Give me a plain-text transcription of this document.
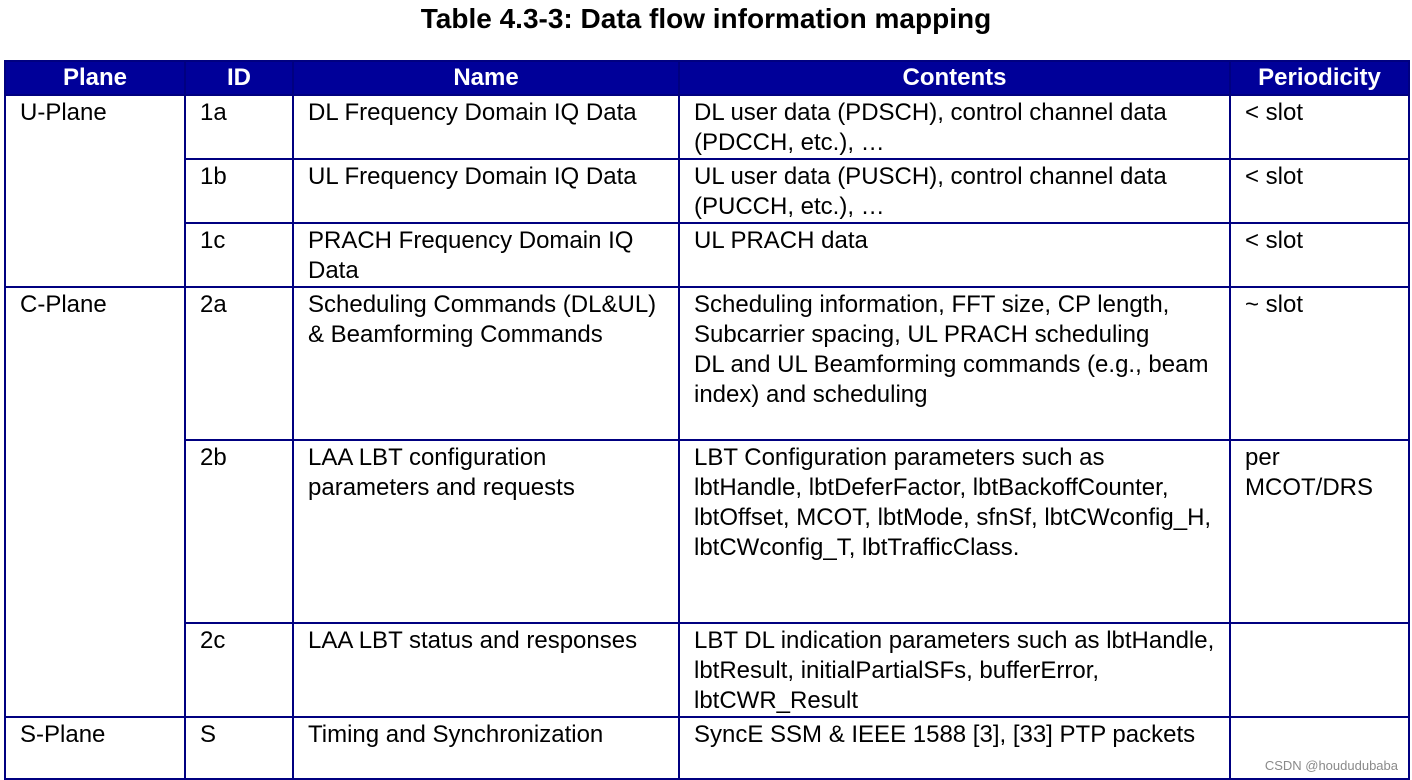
Table 4.3-3: Data flow information mapping
Plane	ID	Name	Contents	Periodicity
U-Plane	1a	DL Frequency Domain IQ Data	DL user data (PDSCH), control channel data (PDCCH, etc.), …	< slot
	1b	UL Frequency Domain IQ Data	UL user data (PUSCH), control channel data (PUCCH, etc.), …	< slot
	1c	PRACH Frequency Domain IQ Data	UL PRACH data	< slot
C-Plane	2a	Scheduling Commands (DL&UL) & Beamforming Commands	Scheduling information, FFT size, CP length, Subcarrier spacing, UL PRACH scheduling
DL and UL Beamforming commands (e.g., beam index) and scheduling	~ slot
	2b	LAA LBT configuration parameters and requests	LBT Configuration parameters such as lbtHandle, lbtDeferFactor, lbtBackoffCounter, lbtOffset, MCOT, lbtMode, sfnSf, lbtCWconfig_H, lbtCWconfig_T, lbtTrafficClass.	per MCOT/DRS
	2c	LAA LBT status and responses	LBT DL indication parameters such as lbtHandle, lbtResult, initialPartialSFs, bufferError, lbtCWR_Result	
S-Plane	S	Timing and Synchronization	SyncE SSM & IEEE 1588 [3], [33] PTP packets	
CSDN @hoududubaba
